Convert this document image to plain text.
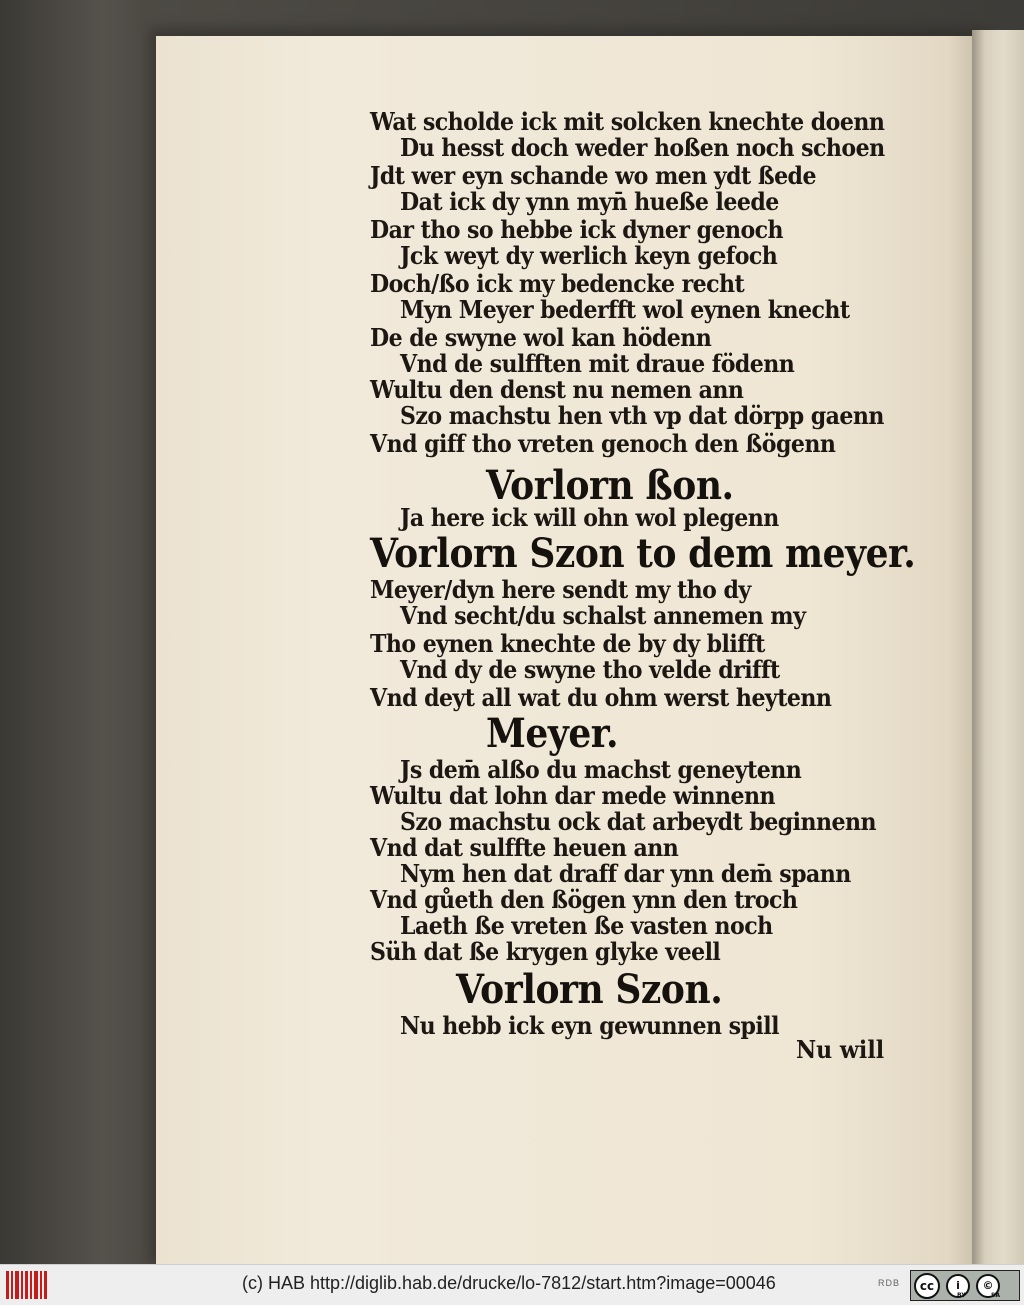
Wat scholde ick mit solcken knechte doenn
Du hesst doch weder hoßen noch schoen
Jdt wer eyn schande wo men ydt ßede
Dat ick dy ynn myn̄ hueße leede
Dar tho so hebbe ick dyner genoch
Jck weyt dy werlich keyn gefoch
Doch/ßo ick my bedencke recht
Myn Meyer bederfft wol eynen knecht
De de swyne wol kan hödenn
Vnd de sulfften mit draue födenn
Wultu den denst nu nemen ann
Szo machstu hen vth vp dat dörpp gaenn
Vnd giff tho vreten genoch den ßögenn
Vorlorn ßon.
Ja here ick will ohn wol plegenn
Vorlorn Szon to dem meyer.
Meyer/dyn here sendt my tho dy
Vnd secht/du schalst annemen my
Tho eynen knechte de by dy blifft
Vnd dy de swyne tho velde drifft
Vnd deyt all wat du ohm werst heytenn
Meyer.
Js dem̄ alßo du machst geneytenn
Wultu dat lohn dar mede winnenn
Szo machstu ock dat arbeydt beginnenn
Vnd dat sulffte heuen ann
Nym hen dat draff dar ynn dem̄ spann
Vnd gůeth den ßögen ynn den troch
Laeth ße vreten ße vasten noch
Süh dat ße krygen glyke veell
Vorlorn Szon.
Nu hebb ick eyn gewunnen spill
Nu will
(c) HAB http://diglib.hab.de/drucke/lo-7812/start.htm?image=00046	RDB	cc	i	©
BY	SA
